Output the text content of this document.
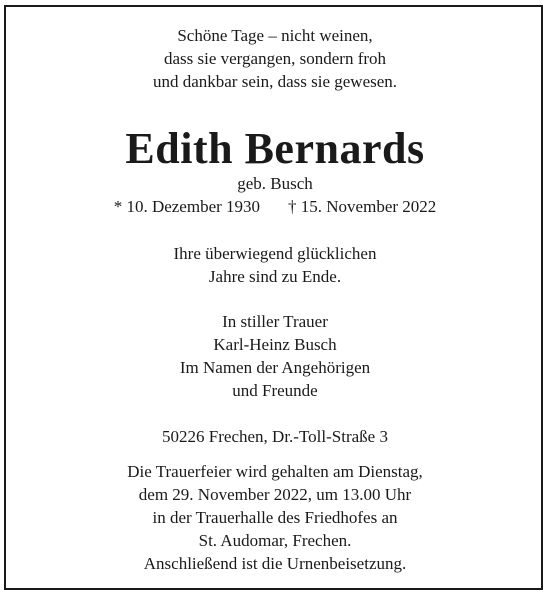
Schöne Tage – nicht weinen,
dass sie vergangen, sondern froh
und dankbar sein, dass sie gewesen.
Edith Bernards
geb. Busch
* 10. Dezember 1930 † 15. November 2022
Ihre überwiegend glücklichen
Jahre sind zu Ende.
In stiller Trauer
Karl-Heinz Busch
Im Namen der Angehörigen
und Freunde
50226 Frechen, Dr.-Toll-Straße 3
Die Trauerfeier wird gehalten am Dienstag,
dem 29. November 2022, um 13.00 Uhr
in der Trauerhalle des Friedhofes an
St. Audomar, Frechen.
Anschließend ist die Urnenbeisetzung.
